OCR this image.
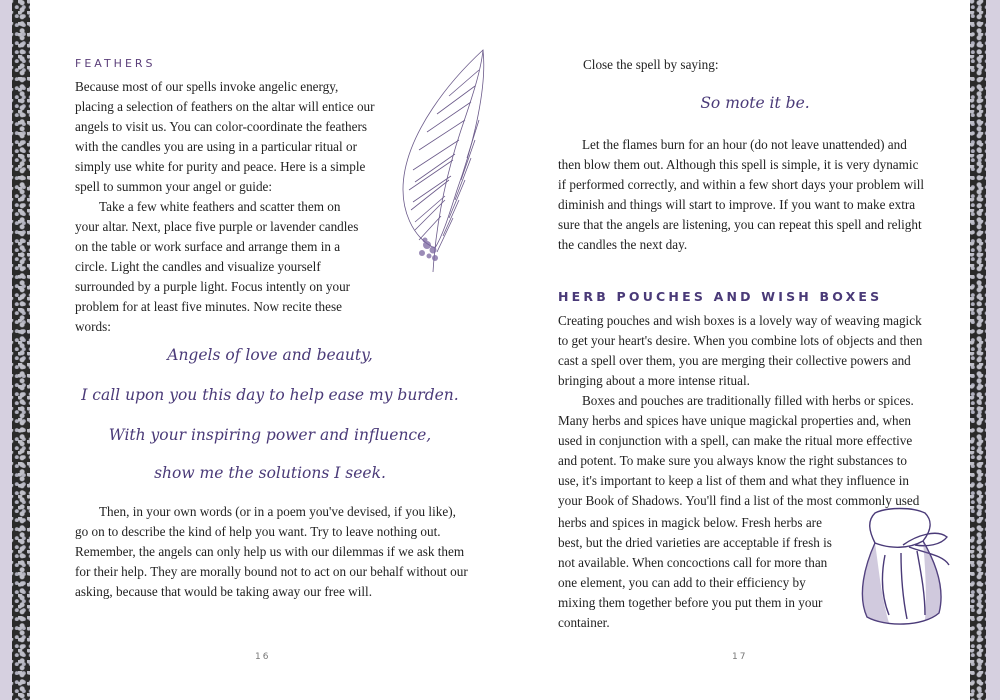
FEATHERS

Because most of our spells invoke angelic energy, placing a selection of feathers on the altar will entice our angels to visit us. You can color-coordinate the feathers with the candles you are using in a particular ritual or simply use white for purity and peace. Here is a simple spell to summon your angel or guide:

Take a few white feathers and scatter them on your altar. Next, place five purple or lavender candles on the table or work surface and arrange them in a circle. Light the candles and visualize yourself surrounded by a purple light. Focus intently on your problem for at least five minutes. Now recite these words:

Angels of love and beauty,
I call upon you this day to help ease my burden.
With your inspiring power and influence,
show me the solutions I seek.

Then, in your own words (or in a poem you've devised, if you like), go on to describe the kind of help you want. Try to leave nothing out. Remember, the angels can only help us with our dilemmas if we ask them for their help. They are morally bound not to act on our behalf without our asking, because that would be taking away our free will.

16
Close the spell by saying:
So mote it be.

Let the flames burn for an hour (do not leave unattended) and then blow them out. Although this spell is simple, it is very dynamic if performed correctly, and within a few short days your problem will diminish and things will start to improve. If you want to make extra sure that the angels are listening, you can repeat this spell and relight the candles the next day.

HERB POUCHES AND WISH BOXES

Creating pouches and wish boxes is a lovely way of weaving magick to get your heart's desire. When you combine lots of objects and then cast a spell over them, you are merging their collective powers and bringing about a more intense ritual.

Boxes and pouches are traditionally filled with herbs or spices. Many herbs and spices have unique magickal properties and, when used in conjunction with a spell, can make the ritual more effective and potent. To make sure you always know the right substances to use, it's important to keep a list of them and what they influence in your Book of Shadows. You'll find a list of the most commonly used

herbs and spices in magick below. Fresh herbs are best, but the dried varieties are acceptable if fresh is not available. When concoctions call for more than one element, you can add to their efficiency by mixing them together before you put them in your container.

17
